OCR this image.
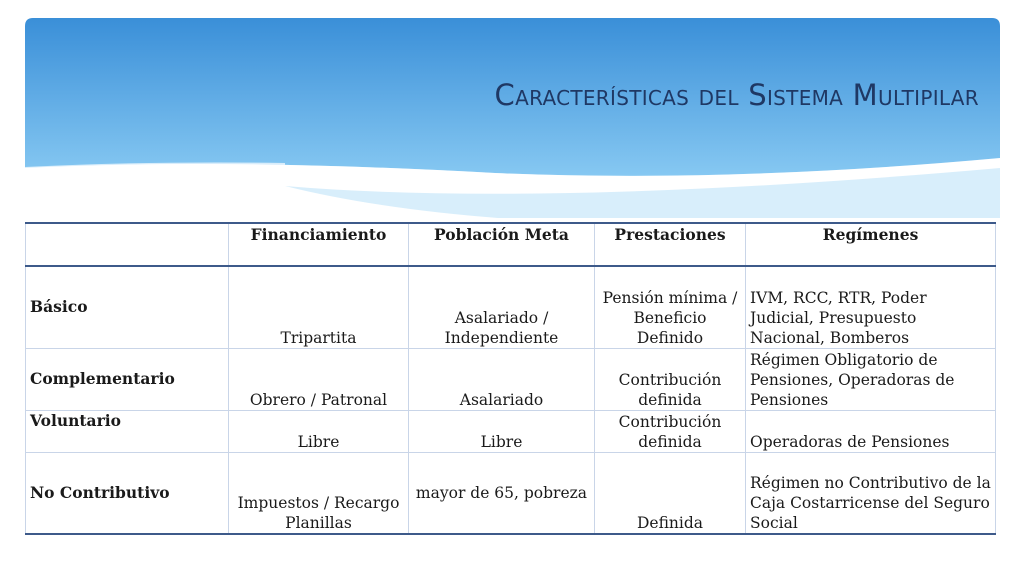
Características del Sistema Multipilar
	Financiamiento	Población Meta	Prestaciones	Regímenes
Básico	Tripartita	Asalariado / Independiente	Pensión mínima / Beneficio Definido	IVM, RCC, RTR, Poder Judicial, Presupuesto Nacional, Bomberos
Complementario	Obrero / Patronal	Asalariado	Contribución definida	Régimen Obligatorio de Pensiones, Operadoras de Pensiones
Voluntario	Libre	Libre	Contribución definida	Operadoras de Pensiones
No Contributivo	Impuestos / Recargo Planillas	mayor de 65, pobreza	Definida	Régimen no Contributivo de la Caja Costarricense del Seguro Social
